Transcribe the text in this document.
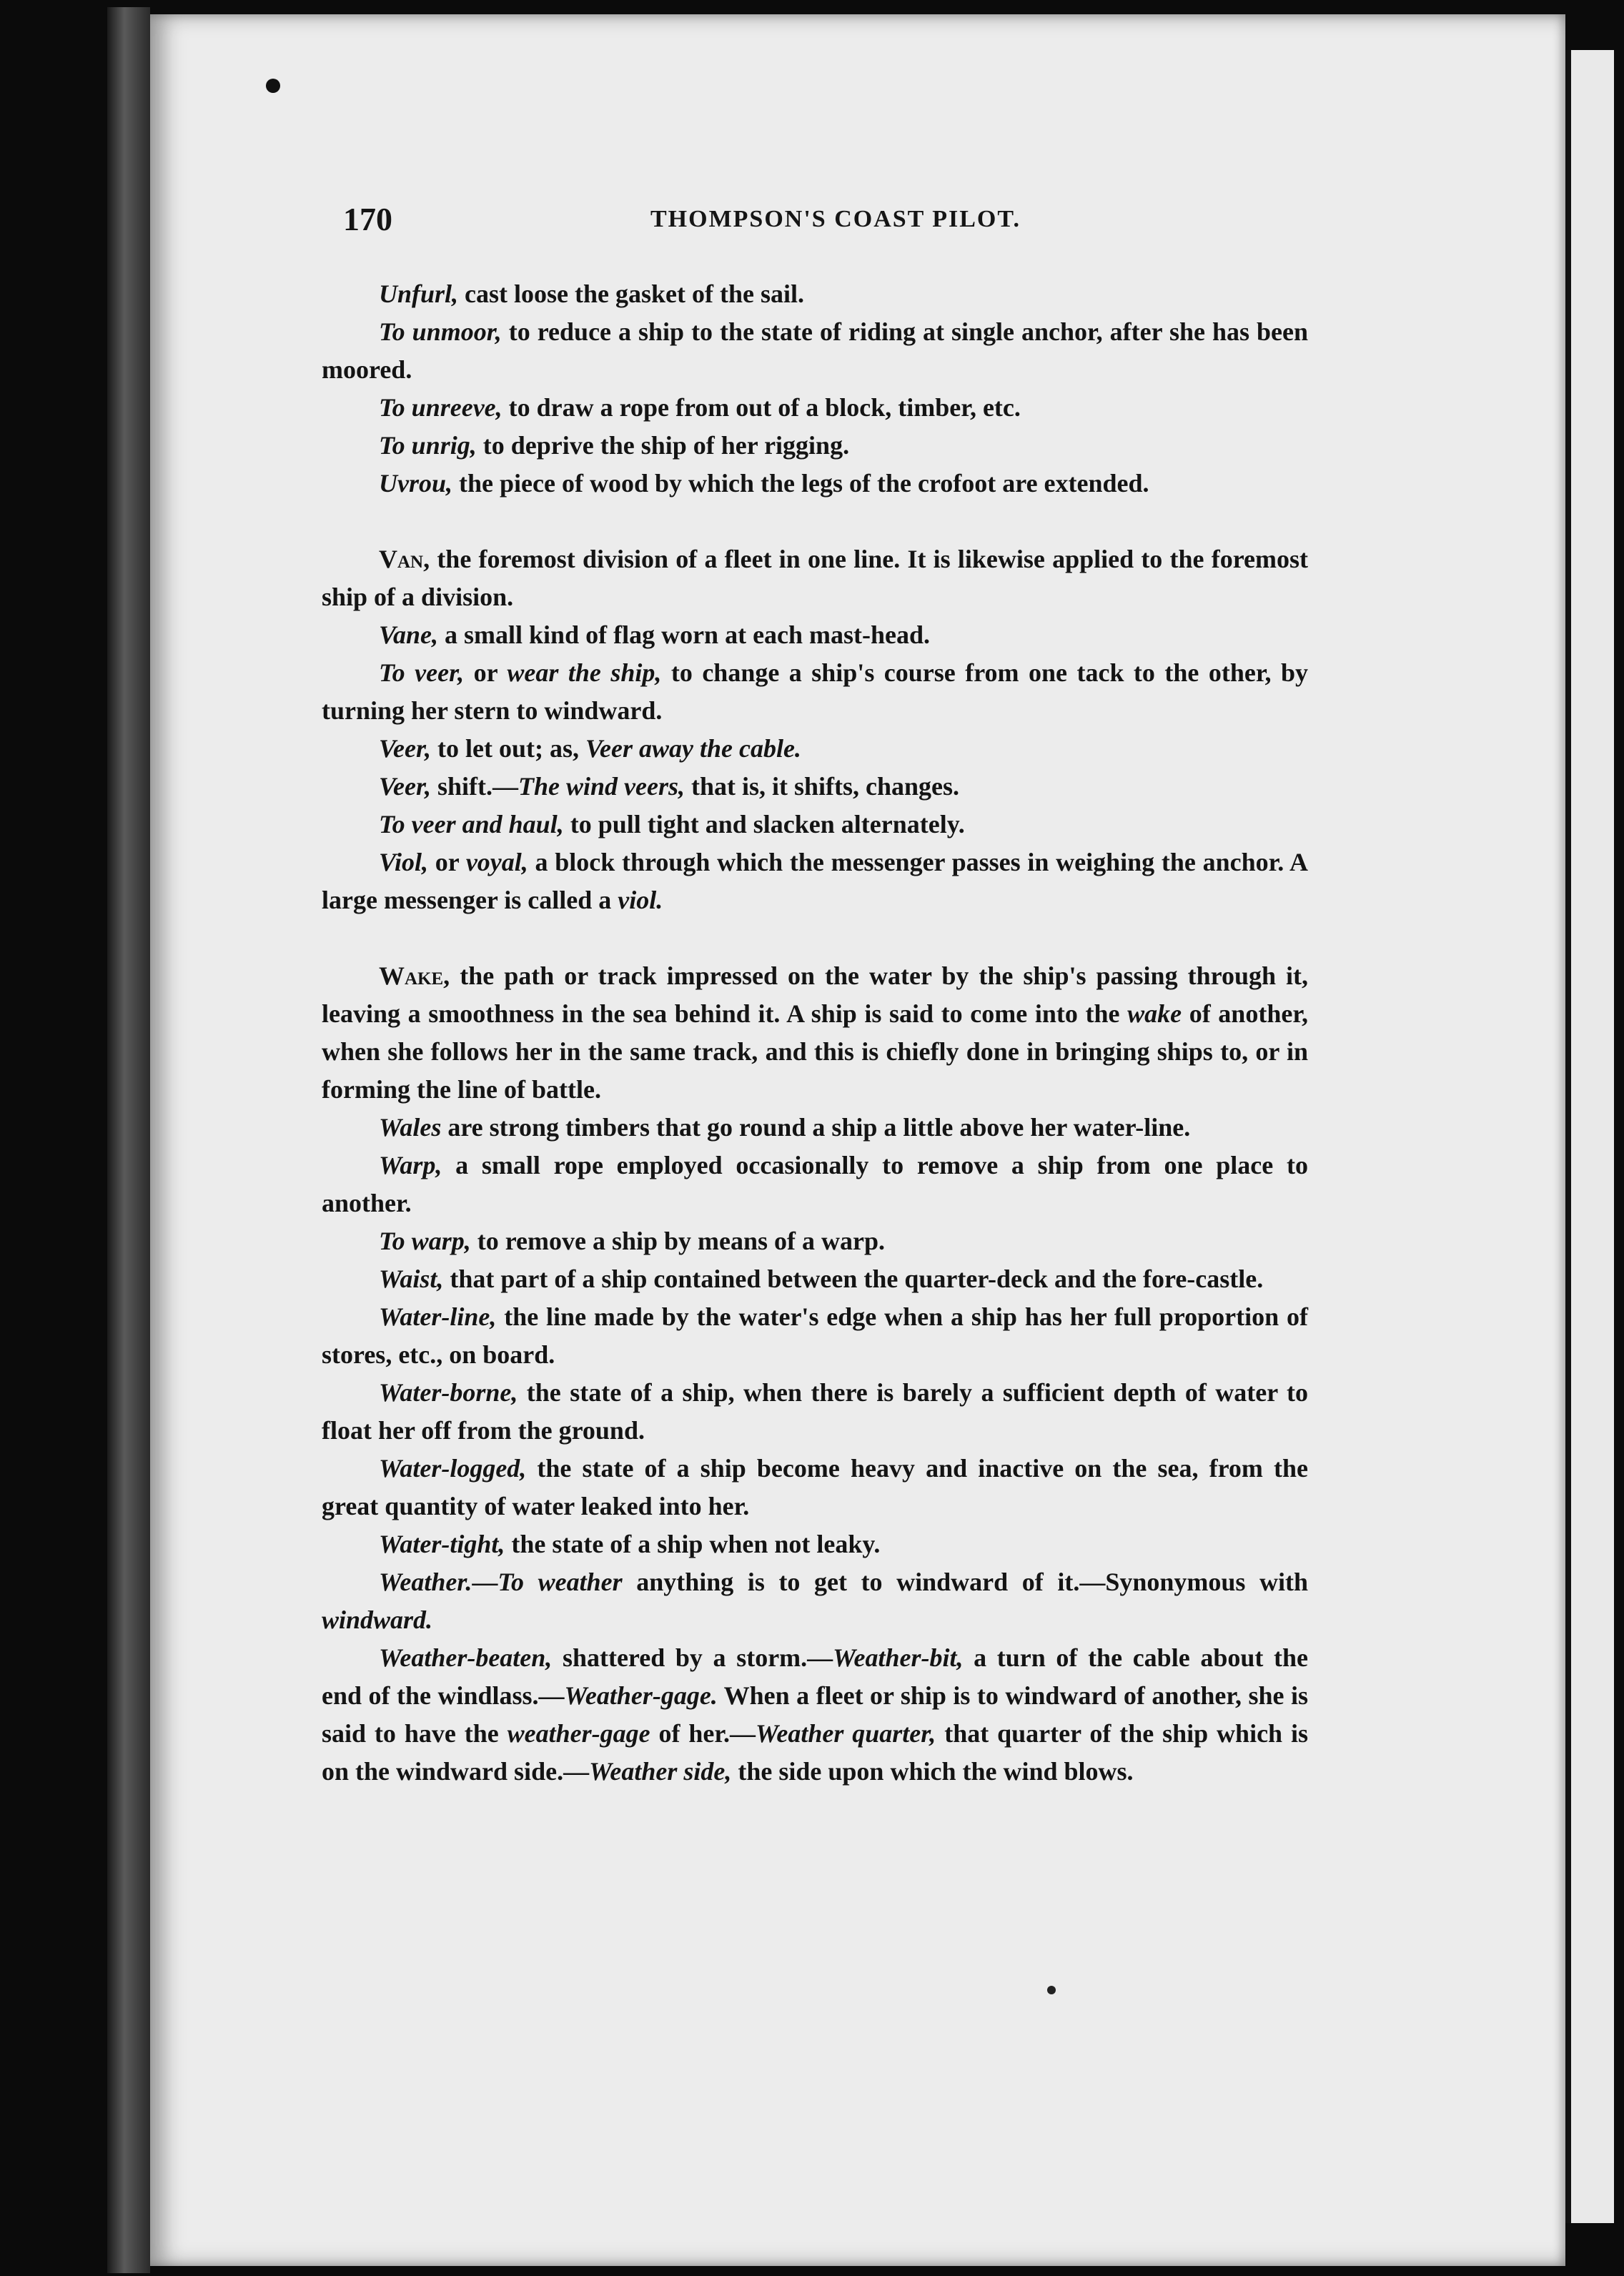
170	THOMPSON'S COAST PILOT.

Unfurl, cast loose the gasket of the sail.

To unmoor, to reduce a ship to the state of riding at single anchor, after she has been moored.

To unreeve, to draw a rope from out of a block, timber, etc.

To unrig, to deprive the ship of her rigging.

Uvrou, the piece of wood by which the legs of the crofoot are extended.

Van, the foremost division of a fleet in one line. It is likewise applied to the foremost ship of a division.

Vane, a small kind of flag worn at each mast-head.

To veer, or wear the ship, to change a ship's course from one tack to the other, by turning her stern to windward.

Veer, to let out; as, Veer away the cable.

Veer, shift.—The wind veers, that is, it shifts, changes.

To veer and haul, to pull tight and slacken alternately.

Viol, or voyal, a block through which the messenger passes in weighing the anchor. A large messenger is called a viol.

Wake, the path or track impressed on the water by the ship's passing through it, leaving a smoothness in the sea behind it. A ship is said to come into the wake of another, when she follows her in the same track, and this is chiefly done in bringing ships to, or in forming the line of battle.

Wales are strong timbers that go round a ship a little above her water-line.

Warp, a small rope employed occasionally to remove a ship from one place to another.

To warp, to remove a ship by means of a warp.

Waist, that part of a ship contained between the quarter-deck and the fore-castle.

Water-line, the line made by the water's edge when a ship has her full proportion of stores, etc., on board.

Water-borne, the state of a ship, when there is barely a sufficient depth of water to float her off from the ground.

Water-logged, the state of a ship become heavy and inactive on the sea, from the great quantity of water leaked into her.

Water-tight, the state of a ship when not leaky.

Weather.—To weather anything is to get to windward of it.—Synonymous with windward.

Weather-beaten, shattered by a storm.—Weather-bit, a turn of the cable about the end of the windlass.—Weather-gage. When a fleet or ship is to windward of another, she is said to have the weather-gage of her.—Weather quarter, that quarter of the ship which is on the windward side.—Weather side, the side upon which the wind blows.
